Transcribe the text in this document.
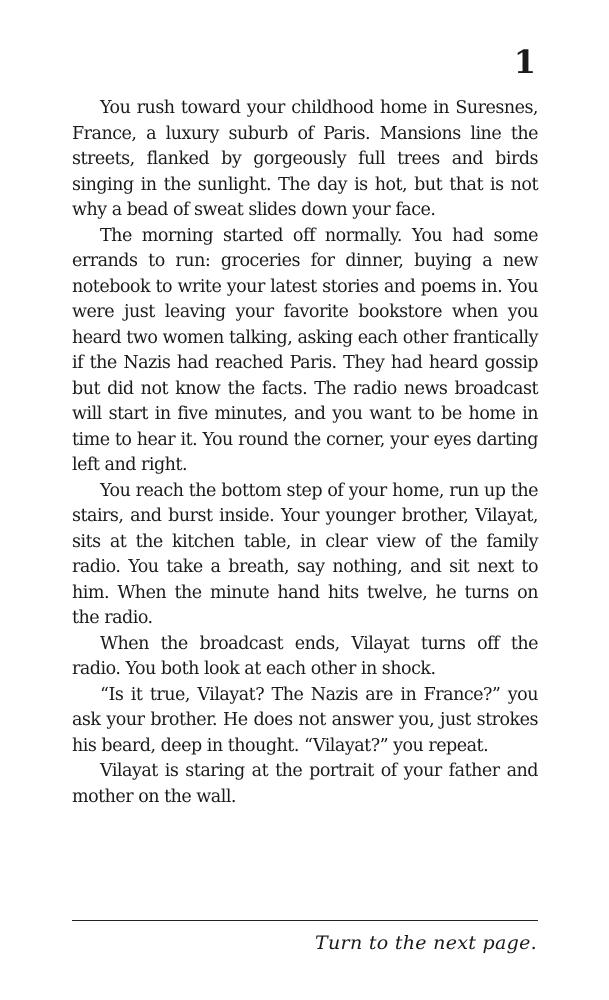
1

You rush toward your childhood home in Suresnes, France, a luxury suburb of Paris. Mansions line the streets, flanked by gorgeously full trees and birds singing in the sunlight. The day is hot, but that is not why a bead of sweat slides down your face.

The morning started off normally. You had some errands to run: groceries for dinner, buying a new notebook to write your latest stories and poems in. You were just leaving your favorite bookstore when you heard two women talking, asking each other frantically if the Nazis had reached Paris. They had heard gossip but did not know the facts. The radio news broadcast will start in five minutes, and you want to be home in time to hear it. You round the corner, your eyes darting left and right.

You reach the bottom step of your home, run up the stairs, and burst inside. Your younger brother, Vilayat, sits at the kitchen table, in clear view of the family radio. You take a breath, say nothing, and sit next to him. When the minute hand hits twelve, he turns on the radio.

When the broadcast ends, Vilayat turns off the radio. You both look at each other in shock.

“Is it true, Vilayat? The Nazis are in France?” you ask your brother. He does not answer you, just strokes his beard, deep in thought. “Vilayat?” you repeat.

Vilayat is staring at the portrait of your father and mother on the wall.

Turn to the next page.
